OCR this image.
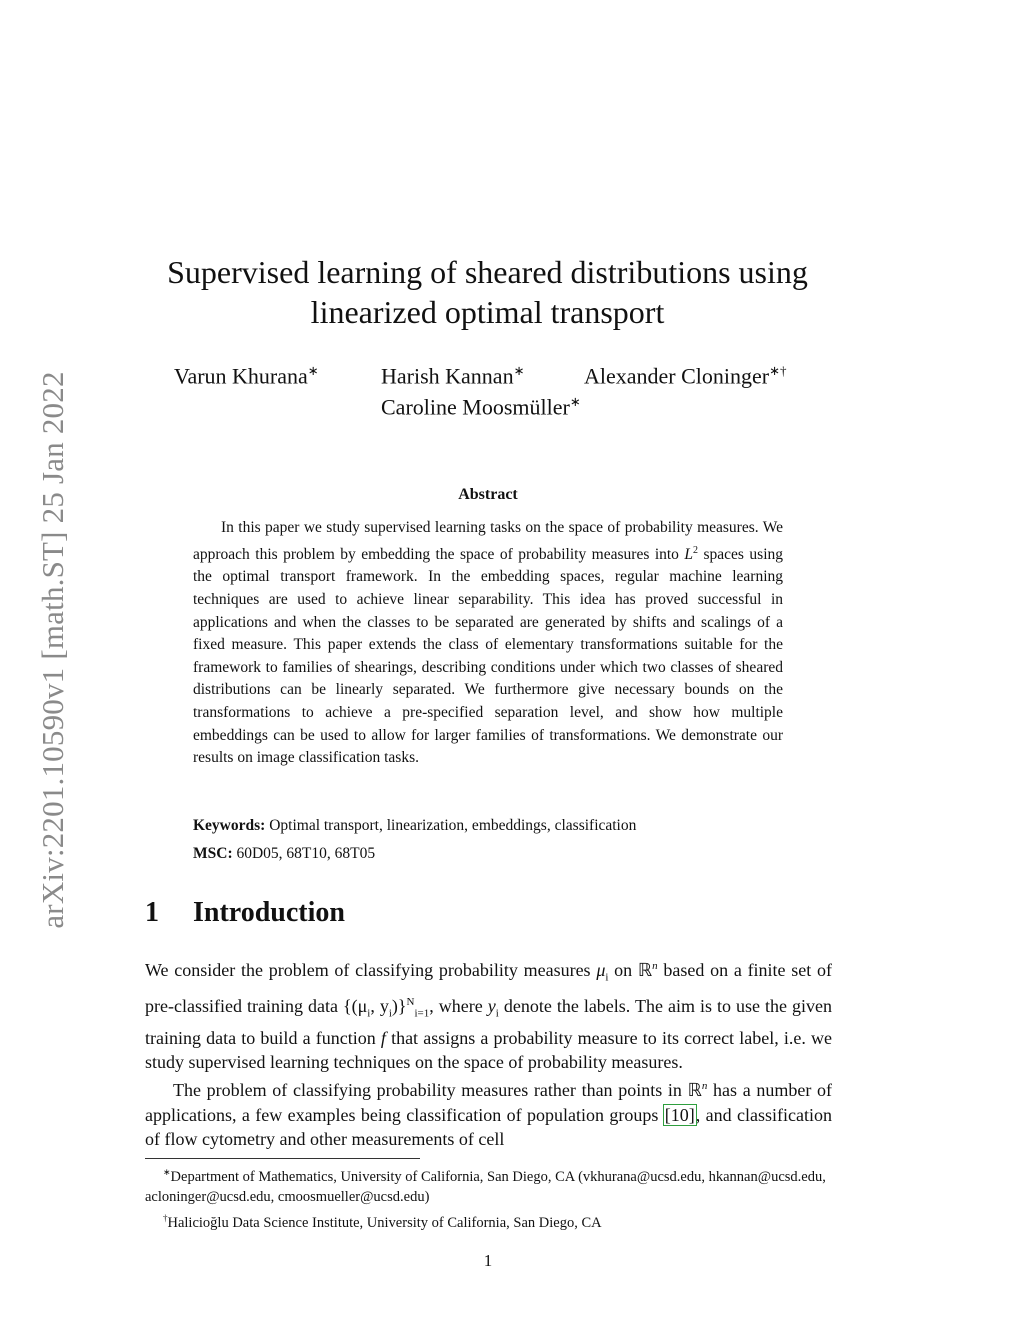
arXiv:2201.10590v1 [math.ST] 25 Jan 2022
Supervised learning of sheared distributions using
linearized optimal transport
Varun Khurana∗	Harish Kannan∗	Alexander Cloninger∗†
Caroline Moosmüller∗
Abstract

In this paper we study supervised learning tasks on the space of probability measures. We approach this problem by embedding the space of probability measures into $L^2$ spaces using the optimal transport framework. In the embedding spaces, regular machine learning techniques are used to achieve linear separability. This idea has proved successful in applications and when the classes to be separated are generated by shifts and scalings of a fixed measure. This paper extends the class of elementary transformations suitable for the framework to families of shearings, describing conditions under which two classes of sheared distributions can be linearly separated. We furthermore give necessary bounds on the transformations to achieve a pre-specified separation level, and show how multiple embeddings can be used to allow for larger families of transformations. We demonstrate our results on image classification tasks.

Keywords: Optimal transport, linearization, embeddings, classification
MSC: 60D05, 68T10, 68T05
1 Introduction

We consider the problem of classifying probability measures $\mu_i$ on ℝ$^n$ based on a finite set of pre-classified training data {($\mu_i$, $y_i)\}^N_{i=1}$, where $y_i$ denote the labels. The aim is to use the given training data to build a function f that assigns a probability measure to its correct label, i.e. we study supervised learning techniques on the space of probability measures.

The problem of classifying probability measures rather than points in ℝ$^n$ has a number of applications, a few examples being classification of population groups [10], and classification of flow cytometry and other measurements of cell

∗Department of Mathematics, University of California, San Diego, CA (vkhurana@ucsd.edu, hkannan@ucsd.edu, acloninger@ucsd.edu, cmoosmueller@ucsd.edu)

†Halicioğlu Data Science Institute, University of California, San Diego, CA

1
